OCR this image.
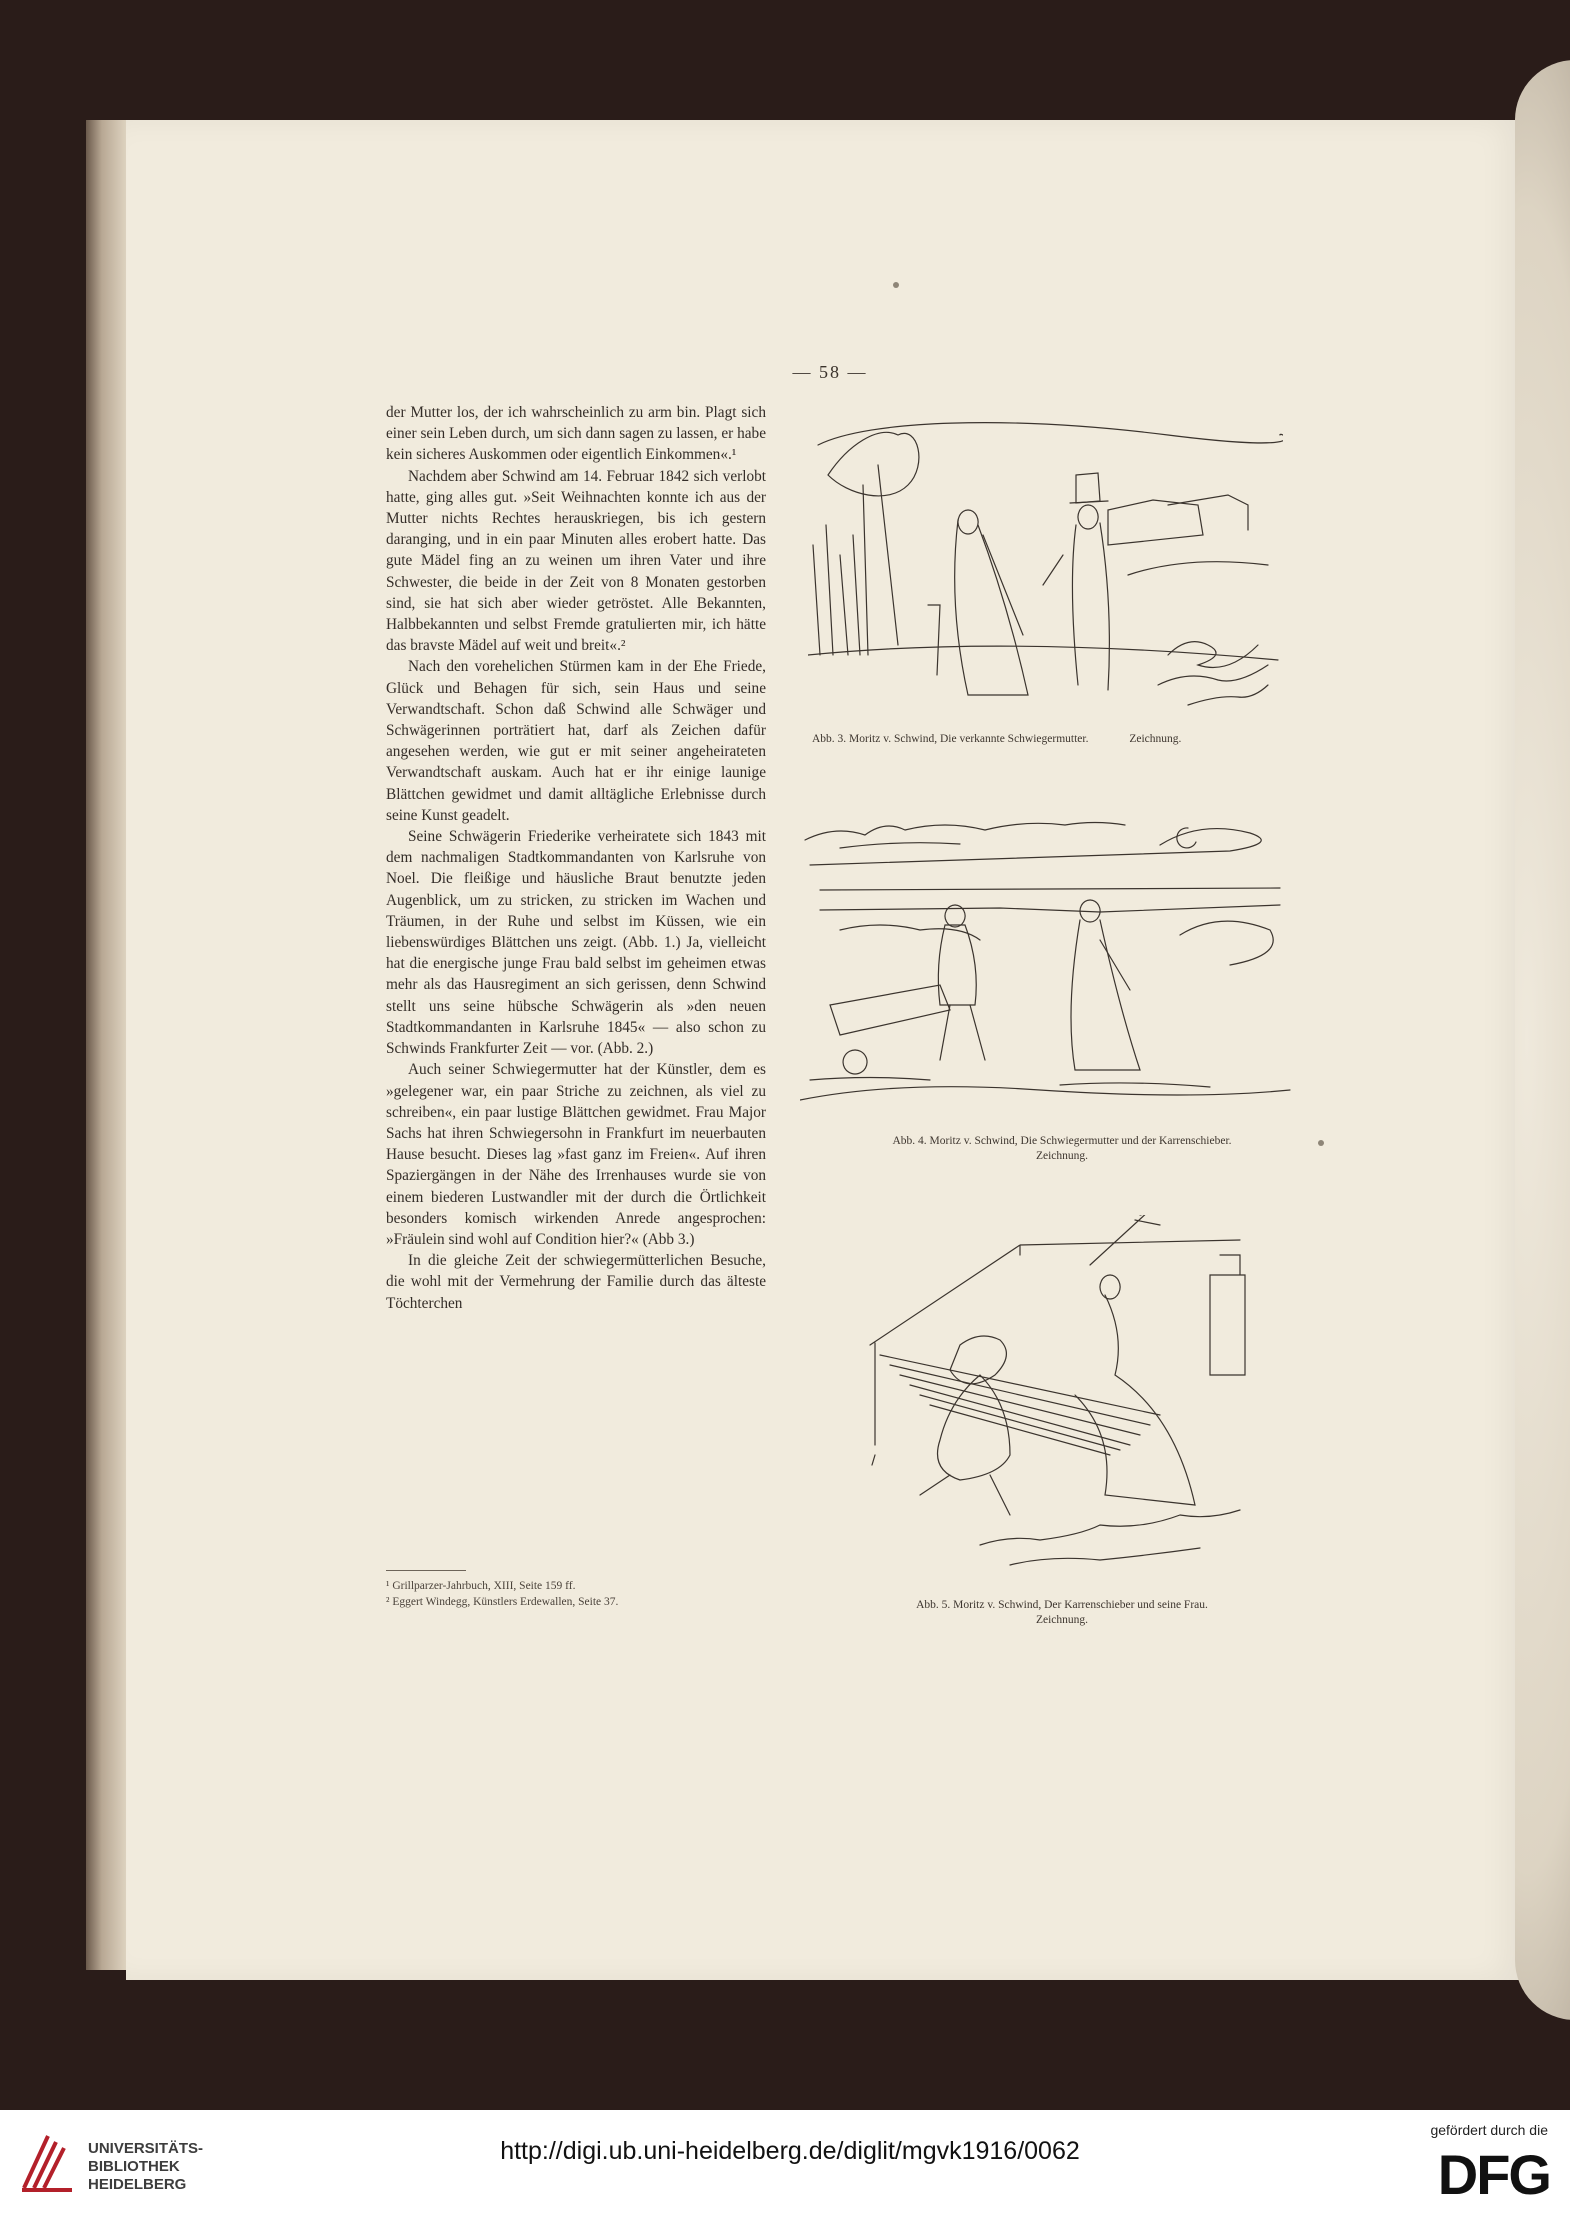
— 58 —

der Mutter los, der ich wahrscheinlich zu arm bin. Plagt sich einer sein Leben durch, um sich dann sagen zu lassen, er habe kein sicheres Auskommen oder eigentlich Einkommen«.¹

Nachdem aber Schwind am 14. Februar 1842 sich verlobt hatte, ging alles gut. »Seit Weihnachten konnte ich aus der Mutter nichts Rechtes herauskriegen, bis ich gestern daranging, und in ein paar Minuten alles erobert hatte. Das gute Mädel fing an zu weinen um ihren Vater und ihre Schwester, die beide in der Zeit von 8 Monaten gestorben sind, sie hat sich aber wieder getröstet. Alle Bekannten, Halbbekannten und selbst Fremde gratulierten mir, ich hätte das bravste Mädel auf weit und breit«.²

Nach den vorehelichen Stürmen kam in der Ehe Friede, Glück und Behagen für sich, sein Haus und seine Verwandtschaft. Schon daß Schwind alle Schwäger und Schwägerinnen porträtiert hat, darf als Zeichen dafür angesehen werden, wie gut er mit seiner angeheirateten Verwandtschaft auskam. Auch hat er ihr einige launige Blättchen gewidmet und damit alltägliche Erlebnisse durch seine Kunst geadelt.

Seine Schwägerin Friederike verheiratete sich 1843 mit dem nachmaligen Stadtkommandanten von Karlsruhe von Noel. Die fleißige und häusliche Braut benutzte jeden Augenblick, um zu stricken, zu stricken im Wachen und Träumen, in der Ruhe und selbst im Küssen, wie ein liebenswürdiges Blättchen uns zeigt. (Abb. 1.) Ja, vielleicht hat die energische junge Frau bald selbst im geheimen etwas mehr als das Hausregiment an sich gerissen, denn Schwind stellt uns seine hübsche Schwägerin als »den neuen Stadtkommandanten in Karlsruhe 1845« — also schon zu Schwinds Frankfurter Zeit — vor. (Abb. 2.)

Auch seiner Schwiegermutter hat der Künstler, dem es »gelegener war, ein paar Striche zu zeichnen, als viel zu schreiben«, ein paar lustige Blättchen gewidmet. Frau Major Sachs hat ihren Schwiegersohn in Frankfurt im neuerbauten Hause besucht. Dieses lag »fast ganz im Freien«. Auf ihren Spaziergängen in der Nähe des Irrenhauses wurde sie von einem biederen Lustwandler mit der durch die Örtlichkeit besonders komisch wirkenden Anrede angesprochen: »Fräulein sind wohl auf Condition hier?« (Abb 3.)

In die gleiche Zeit der schwiegermütterlichen Besuche, die wohl mit der Vermehrung der Familie durch das älteste Töchterchen

¹ Grillparzer-Jahrbuch, XIII, Seite 159 ff.
² Eggert Windegg, Künstlers Erdewallen, Seite 37.
Abb. 3. Moritz v. Schwind, Die verkannte Schwiegermutter.	Zeichnung.
Abb. 4. Moritz v. Schwind, Die Schwiegermutter und der Karrenschieber.
Zeichnung.
Abb. 5. Moritz v. Schwind, Der Karrenschieber und seine Frau.
Zeichnung.
UNIVERSITÄTS-
BIBLIOTHEK
HEIDELBERG
http://digi.ub.uni-heidelberg.de/diglit/mgvk1916/0062
gefördert durch die
DFG
